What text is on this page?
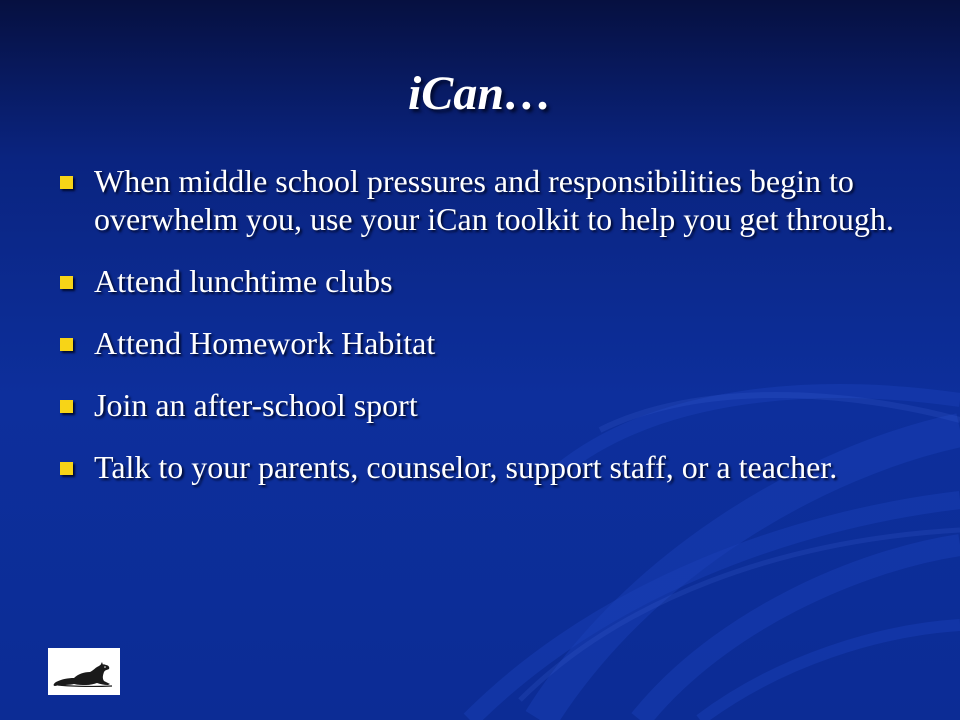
iCan…
When middle school pressures and responsibilities begin to overwhelm you, use your iCan toolkit to help you get through.
Attend lunchtime clubs
Attend Homework Habitat
Join an after-school sport
Talk to your parents, counselor, support staff, or a teacher.
